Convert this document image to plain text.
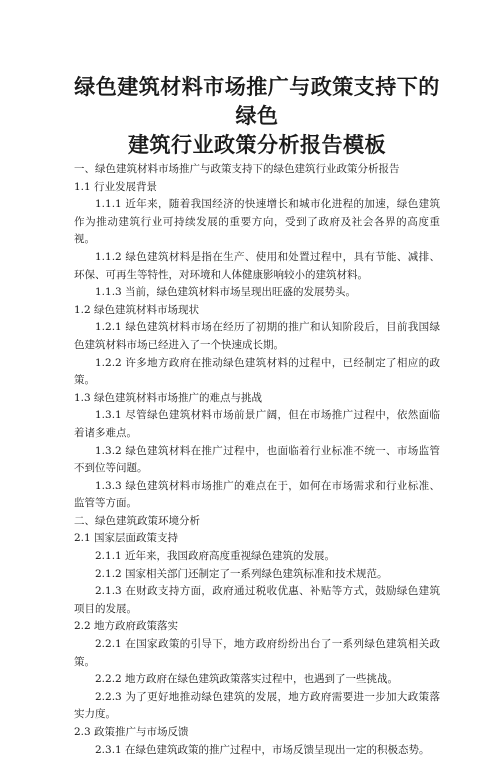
绿色建筑材料市场推广与政策支持下的绿色
建筑行业政策分析报告模板

一、绿色建筑材料市场推广与政策支持下的绿色建筑行业政策分析报告

1.1 行业发展背景

1.1.1 近年来，随着我国经济的快速增长和城市化进程的加速，绿色建筑作为推动建筑行业可持续发展的重要方向，受到了政府及社会各界的高度重视。

1.1.2 绿色建筑材料是指在生产、使用和处置过程中，具有节能、减排、环保、可再生等特性，对环境和人体健康影响较小的建筑材料。

1.1.3 当前，绿色建筑材料市场呈现出旺盛的发展势头。

1.2 绿色建筑材料市场现状

1.2.1 绿色建筑材料市场在经历了初期的推广和认知阶段后，目前我国绿色建筑材料市场已经进入了一个快速成长期。

1.2.2 许多地方政府在推动绿色建筑材料的过程中，已经制定了相应的政策。

1.3 绿色建筑材料市场推广的难点与挑战

1.3.1 尽管绿色建筑材料市场前景广阔，但在市场推广过程中，依然面临着诸多难点。

1.3.2 绿色建筑材料在推广过程中，也面临着行业标准不统一、市场监管不到位等问题。

1.3.3 绿色建筑材料市场推广的难点在于，如何在市场需求和行业标准、监管等方面。

二、绿色建筑政策环境分析

2.1 国家层面政策支持

2.1.1 近年来，我国政府高度重视绿色建筑的发展。

2.1.2 国家相关部门还制定了一系列绿色建筑标准和技术规范。

2.1.3 在财政支持方面，政府通过税收优惠、补贴等方式，鼓励绿色建筑项目的发展。

2.2 地方政府政策落实

2.2.1 在国家政策的引导下，地方政府纷纷出台了一系列绿色建筑相关政策。

2.2.2 地方政府在绿色建筑政策落实过程中，也遇到了一些挑战。

2.2.3 为了更好地推动绿色建筑的发展，地方政府需要进一步加大政策落实力度。

2.3 政策推广与市场反馈

2.3.1 在绿色建筑政策的推广过程中，市场反馈呈现出一定的积极态势。
